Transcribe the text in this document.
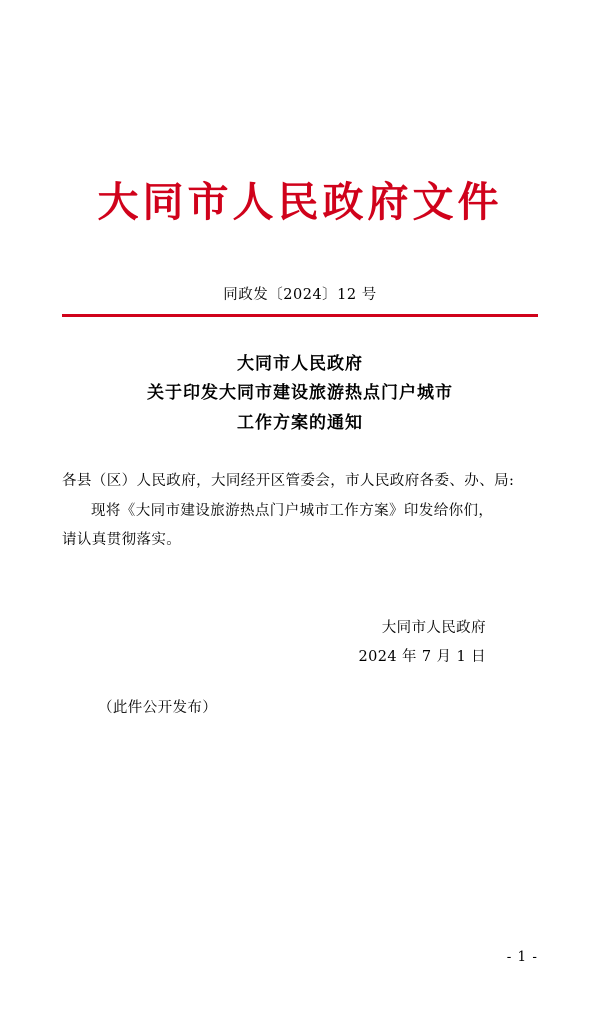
大同市人民政府文件
同政发〔2024〕12 号
大同市人民政府
关于印发大同市建设旅游热点门户城市
工作方案的通知

各县（区）人民政府，大同经开区管委会，市人民政府各委、办、局:

现将《大同市建设旅游热点门户城市工作方案》印发给你们，

请认真贯彻落实。

大同市人民政府
2024 年 7 月 1 日
（此件公开发布）
- 1 -
